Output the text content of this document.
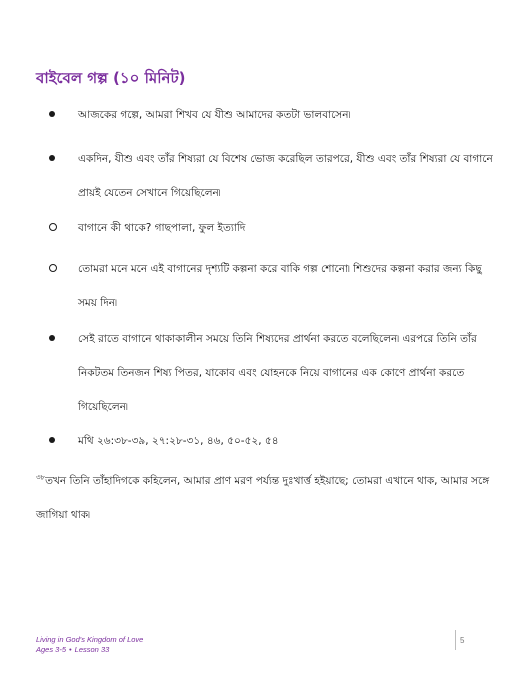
বাইবেল গল্প (১০ মিনিট)
আজকের গল্পে, আমরা শিখব যে যীশু আমাদের কতটা ভালবাসেন৷
একদিন, যীশু এবং তাঁর শিষ্যরা যে বিশেষ ভোজ করেছিল তারপরে, যীশু এবং তাঁর শিষ্যরা যে বাগানে প্রায়ই যেতেন সেখানে গিয়েছিলেন৷
বাগানে কী থাকে? গাছপালা, ফুল ইত্যাদি
তোমরা মনে মনে এই বাগানের দৃশ্যটি কল্পনা করে বাকি গল্প শোনো৷ শিশুদের কল্পনা করার জন্য কিছু সময় দিন৷
সেই রাতে বাগানে থাকাকালীন সময়ে তিনি শিষ্যদের প্রার্থনা করতে বলেছিলেন৷ এরপরে তিনি তাঁর নিকটতম তিনজন শিষ্য পিতর, যাকোব এবং যোহনকে নিয়ে বাগানের এক কোণে প্রার্থনা করতে গিয়েছিলেন৷
মথি ২৬:৩৮-৩৯, ২৭:২৮-৩১, ৪৬, ৫০-৫২, ৫৪
$^{৩৮}$তখন তিনি তাঁহাদিগকে কহিলেন, আমার প্রাণ মরণ পর্য্যন্ত দুঃখার্ত্ত হইয়াছে; তোমরা এখানে থাক, আমার সঙ্গে জাগিয়া থাক৷
Living in God's Kingdom of Love
Ages 3-5 • Lesson 33
5
